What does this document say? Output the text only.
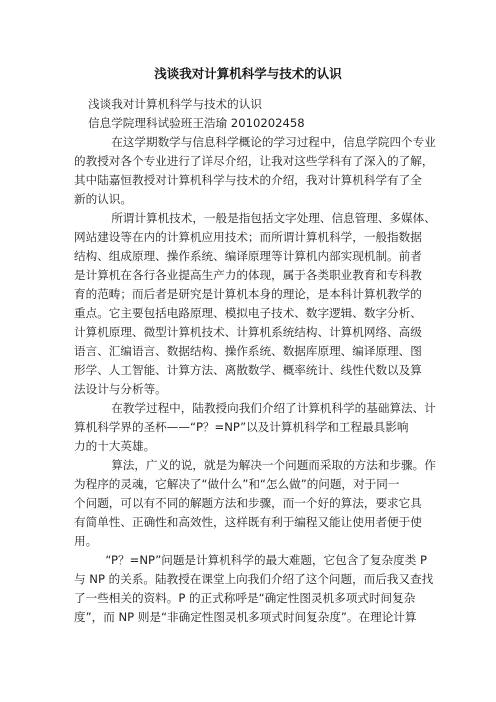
浅谈我对计算机科学与技术的认识
浅谈我对计算机科学与技术的认识
信息学院理科试验班王浩瑜 2010202458
在这学期数学与信息科学概论的学习过程中，信息学院四个专业
的教授对各个专业进行了详尽介绍，让我对这些学科有了深入的了解，
其中陆嘉恒教授对计算机科学与技术的介绍，我对计算机科学有了全
新的认识。
所谓计算机技术，一般是指包括文字处理、信息管理、多媒体、
网站建设等在内的计算机应用技术；而所谓计算机科学，一般指数据
结构、组成原理、操作系统、编译原理等计算机内部实现机制。前者
是计算机在各行各业提高生产力的体现，属于各类职业教育和专科教
育的范畴；而后者是研究是计算机本身的理论，是本科计算机教学的
重点。它主要包括电路原理、模拟电子技术、数字逻辑、数字分析、
计算机原理、微型计算机技术、计算机系统结构、计算机网络、高级
语言、汇编语言、数据结构、操作系统、数据库原理、编译原理、图
形学、人工智能、计算方法、离散数学、概率统计、线性代数以及算
法设计与分析等。
在教学过程中，陆教授向我们介绍了计算机科学的基础算法、计
算机科学界的圣杯——“P？=NP”以及计算机科学和工程最具影响
力的十大英雄。
算法，广义的说，就是为解决一个问题而采取的方法和步骤。作
为程序的灵魂，它解决了“做什么”和“怎么做”的问题，对于同一
个问题，可以有不同的解题方法和步骤，而一个好的算法，要求它具
有简单性、正确性和高效性，这样既有利于编程又能让使用者便于使
用。
“P？=NP”问题是计算机科学的最大难题，它包含了复杂度类 P
与 NP 的关系。陆教授在课堂上向我们介绍了这个问题，而后我又查找
了一些相关的资料。P 的正式称呼是“确定性图灵机多项式时间复杂
度”，而 NP 则是“非确定性图灵机多项式时间复杂度”。在理论计算
